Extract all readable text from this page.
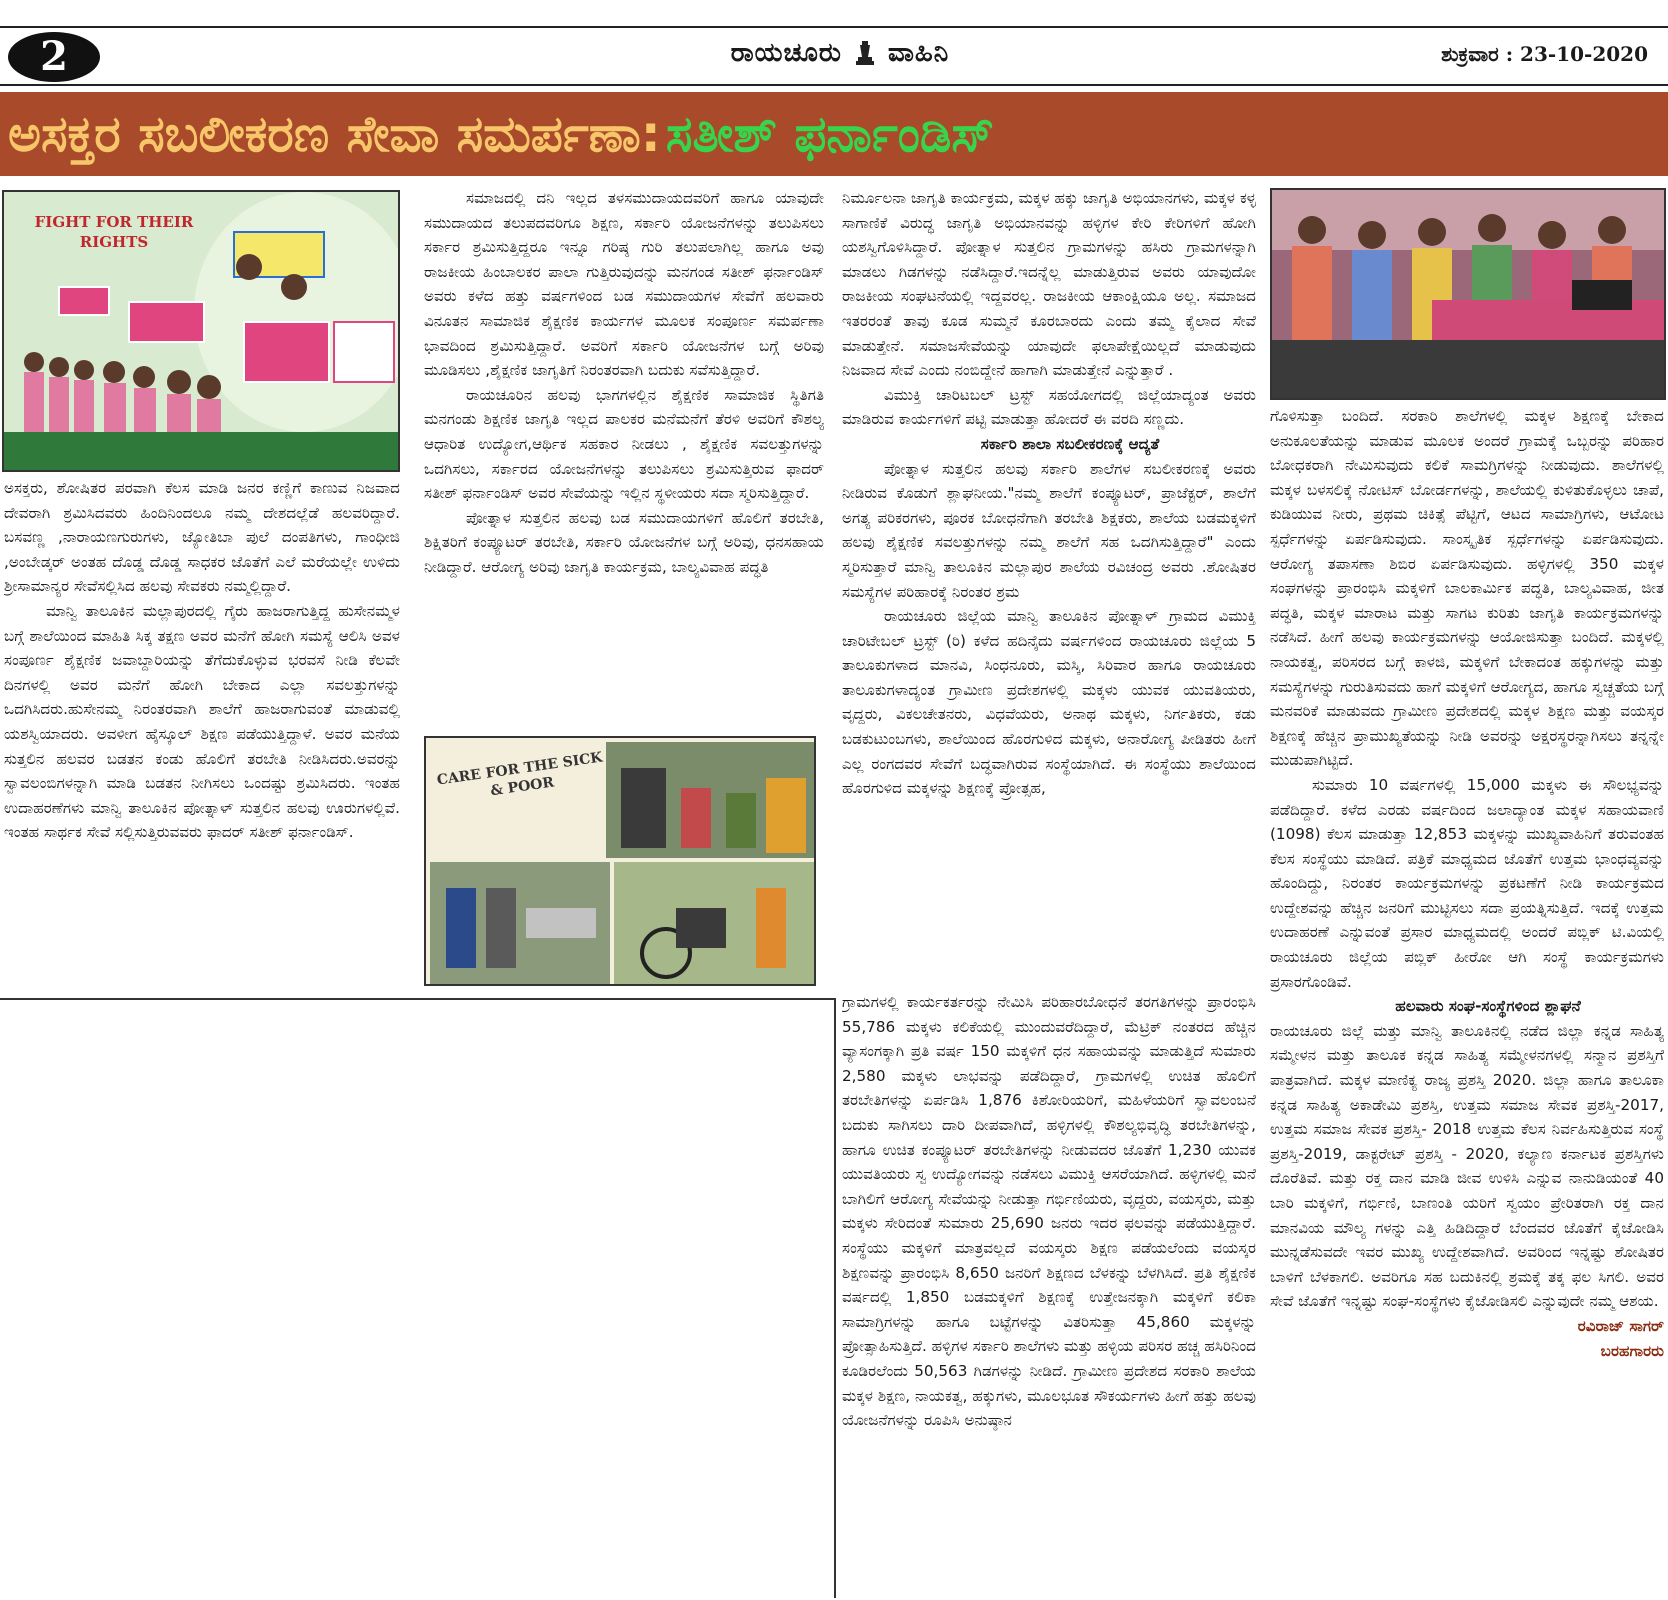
2	ರಾಯಚೂರು ವಾಹಿನಿ	ಶುಕ್ರವಾರ : 23-10-2020
ಅಸಕ್ತರ ಸಬಲೀಕರಣ ಸೇವಾ ಸಮರ್ಪಣಾ: ಸತೀಶ್ ಫರ್ನಾಂಡಿಸ್
FIGHT FOR THEIR RIGHTS
CARE FOR THE SICK & POOR

ಅಸಕ್ತರು, ಶೋಷಿತರ ಪರವಾಗಿ ಕೆಲಸ ಮಾಡಿ ಜನರ ಕಣ್ಣಿಗೆ ಕಾಣುವ ನಿಜವಾದ ದೇವರಾಗಿ ಶ್ರಮಿಸಿದವರು ಹಿಂದಿನಿಂದಲೂ ನಮ್ಮ ದೇಶದಲ್ಲೆಡೆ ಹಲವರಿದ್ದಾರೆ. ಬಸವಣ್ಣ ,ನಾರಾಯಣಗುರುಗಳು, ಜ್ಯೋತಿಬಾ ಪುಲೆ ದಂಪತಿಗಳು, ಗಾಂಧೀಜಿ ,ಅಂಬೇಡ್ಕರ್ ಅಂತಹ ದೊಡ್ಡ ದೊಡ್ಡ ಸಾಧಕರ ಜೊತೆಗೆ ಎಲೆ ಮರೆಯಲ್ಲೇ ಉಳಿದು ಶ್ರೀಸಾಮಾನ್ಯರ ಸೇವೆಸಲ್ಲಿಸಿದ ಹಲವು ಸೇವಕರು ನಮ್ಮಲ್ಲಿದ್ದಾರೆ.

ಮಾನ್ವಿ ತಾಲೂಕಿನ ಮಲ್ಲಾಪುರದಲ್ಲಿ ಗೈರು ಹಾಜರಾಗುತ್ತಿದ್ದ ಹುಸೇನಮ್ಮಳ ಬಗ್ಗೆ ಶಾಲೆಯಿಂದ ಮಾಹಿತಿ ಸಿಕ್ಕ ತಕ್ಷಣ ಅವರ ಮನೆಗೆ ಹೋಗಿ ಸಮಸ್ಯೆ ಆಲಿಸಿ ಅವಳ ಸಂಪೂರ್ಣ ಶೈಕ್ಷಣಿಕ ಜವಾಬ್ದಾರಿಯನ್ನು ತೆಗೆದುಕೊಳ್ಳುವ ಭರವಸೆ ನೀಡಿ ಕೆಲವೇ ದಿನಗಳಲ್ಲಿ ಅವರ ಮನೆಗೆ ಹೋಗಿ ಬೇಕಾದ ಎಲ್ಲಾ ಸವಲತ್ತುಗಳನ್ನು ಒದಗಿಸಿದರು.ಹುಸೇನಮ್ಮ ನಿರಂತರವಾಗಿ ಶಾಲೆಗೆ ಹಾಜರಾಗುವಂತೆ ಮಾಡುವಲ್ಲಿ ಯಶಸ್ವಿಯಾದರು. ಅವಳೀಗ ಹೈಸ್ಕೂಲ್ ಶಿಕ್ಷಣ ಪಡೆಯುತ್ತಿದ್ದಾಳೆ. ಅವರ ಮನೆಯ ಸುತ್ತಲಿನ ಹಲವರ ಬಡತನ ಕಂಡು ಹೊಲಿಗೆ ತರಬೇತಿ ನೀಡಿಸಿದರು.ಅವರನ್ನು ಸ್ವಾವಲಂಬಿಗಳನ್ನಾಗಿ ಮಾಡಿ ಬಡತನ ನೀಗಿಸಲು ಒಂದಷ್ಟು ಶ್ರಮಿಸಿದರು. ಇಂತಹ ಉದಾಹರಣೆಗಳು ಮಾನ್ವಿ ತಾಲೂಕಿನ ಪೋತ್ನಾಳ್ ಸುತ್ತಲಿನ ಹಲವು ಊರುಗಳಲ್ಲಿವೆ. ಇಂತಹ ಸಾರ್ಥಕ ಸೇವೆ ಸಲ್ಲಿಸುತ್ತಿರುವವರು ಫಾದರ್ ಸತೀಶ್ ಫರ್ನಾಂಡಿಸ್.

ಸಮಾಜದಲ್ಲಿ ದನಿ ಇಲ್ಲದ ತಳಸಮುದಾಯದವರಿಗೆ ಹಾಗೂ ಯಾವುದೇ ಸಮುದಾಯದ ತಲುಪದವರಿಗೂ ಶಿಕ್ಷಣ, ಸರ್ಕಾರಿ ಯೋಜನೆಗಳನ್ನು ತಲುಪಿಸಲು ಸರ್ಕಾರ ಶ್ರಮಿಸುತ್ತಿದ್ದರೂ ಇನ್ನೂ ಗರಿಷ್ಠ ಗುರಿ ತಲುಪಲಾಗಿಲ್ಲ ಹಾಗೂ ಅವು ರಾಜಕೀಯ ಹಿಂಬಾಲಕರ ಪಾಲಾ ಗುತ್ತಿರುವುದನ್ನು ಮನಗಂಡ ಸತೀಶ್ ಫರ್ನಾಂಡಿಸ್ ಅವರು ಕಳೆದ ಹತ್ತು ವರ್ಷಗಳಿಂದ ಬಡ ಸಮುದಾಯಗಳ ಸೇವೆಗೆ ಹಲವಾರು ವಿನೂತನ ಸಾಮಾಜಿಕ ಶೈಕ್ಷಣಿಕ ಕಾರ್ಯಗಳ ಮೂಲಕ ಸಂಪೂರ್ಣ ಸಮರ್ಪಣಾ ಭಾವದಿಂದ ಶ್ರಮಿಸುತ್ತಿದ್ದಾರೆ. ಅವರಿಗೆ ಸರ್ಕಾರಿ ಯೋಜನೆಗಳ ಬಗ್ಗೆ ಅರಿವು ಮೂಡಿಸಲು ,ಶೈಕ್ಷಣಿಕ ಜಾಗೃತಿಗೆ ನಿರಂತರವಾಗಿ ಬದುಕು ಸವೆಸುತ್ತಿದ್ದಾರೆ.

ರಾಯಚೂರಿನ ಹಲವು ಭಾಗಗಳಲ್ಲಿನ ಶೈಕ್ಷಣಿಕ ಸಾಮಾಜಿಕ ಸ್ಥಿತಿಗತಿ ಮನಗಂಡು ಶಿಕ್ಷಣಿಕ ಜಾಗೃತಿ ಇಲ್ಲದ ಪಾಲಕರ ಮನೆಮನೆಗೆ ತೆರಳಿ ಅವರಿಗೆ ಕೌಶಲ್ಯ ಆಧಾರಿತ ಉದ್ಯೋಗ,ಆರ್ಥಿಕ ಸಹಕಾರ ನೀಡಲು , ಶೈಕ್ಷಣಿಕ ಸವಲತ್ತುಗಳನ್ನು ಒದಗಿಸಲು, ಸರ್ಕಾರದ ಯೋಜನೆಗಳನ್ನು ತಲುಪಿಸಲು ಶ್ರಮಿಸುತ್ತಿರುವ ಫಾದರ್ ಸತೀಶ್ ಫರ್ನಾಂಡಿಸ್ ಅವರ ಸೇವೆಯನ್ನು ಇಲ್ಲಿನ ಸ್ಥಳೀಯರು ಸದಾ ಸ್ಮರಿಸುತ್ತಿದ್ದಾರೆ.

ಪೋತ್ನಾಳ ಸುತ್ತಲಿನ ಹಲವು ಬಡ ಸಮುದಾಯಗಳಿಗೆ ಹೊಲಿಗೆ ತರಬೇತಿ, ಶಿಕ್ಷಿತರಿಗೆ ಕಂಪ್ಯೂಟರ್ ತರಬೇತಿ, ಸರ್ಕಾರಿ ಯೋಜನೆಗಳ ಬಗ್ಗೆ ಅರಿವು, ಧನಸಹಾಯ ನೀಡಿದ್ದಾರೆ. ಆರೋಗ್ಯ ಅರಿವು ಜಾಗೃತಿ ಕಾರ್ಯಕ್ರಮ, ಬಾಲ್ಯವಿವಾಹ ಪದ್ಧತಿ

ನಿರ್ಮೂಲನಾ ಜಾಗೃತಿ ಕಾರ್ಯಕ್ರಮ, ಮಕ್ಕಳ ಹಕ್ಕು ಜಾಗೃತಿ ಅಭಿಯಾನಗಳು, ಮಕ್ಕಳ ಕಳ್ಳ ಸಾಗಾಣಿಕೆ ವಿರುದ್ಧ ಜಾಗೃತಿ ಅಭಿಯಾನವನ್ನು ಹಳ್ಳಿಗಳ ಕೇರಿ ಕೇರಿಗಳಿಗೆ ಹೋಗಿ ಯಶಸ್ವಿಗೊಳಿಸಿದ್ದಾರೆ. ಪೋತ್ನಾಳ ಸುತ್ತಲಿನ ಗ್ರಾಮಗಳನ್ನು ಹಸಿರು ಗ್ರಾಮಗಳನ್ನಾಗಿ ಮಾಡಲು ಗಿಡಗಳನ್ನು ನಡೆಸಿದ್ದಾರೆ.ಇದನ್ನೆಲ್ಲ ಮಾಡುತ್ತಿರುವ ಅವರು ಯಾವುದೋ ರಾಜಕೀಯ ಸಂಘಟನೆಯಲ್ಲಿ ಇದ್ದವರಲ್ಲ. ರಾಜಕೀಯ ಆಕಾಂಕ್ಷಿಯೂ ಅಲ್ಲ. ಸಮಾಜದ ಇತರರಂತೆ ತಾವು ಕೂಡ ಸುಮ್ಮನೆ ಕೂರಬಾರದು ಎಂದು ತಮ್ಮ ಕೈಲಾದ ಸೇವೆ ಮಾಡುತ್ತೇನೆ. ಸಮಾಜಸೇವೆಯನ್ನು ಯಾವುದೇ ಫಲಾಪೇಕ್ಷೆಯಿಲ್ಲದೆ ಮಾಡುವುದು ನಿಜವಾದ ಸೇವೆ ಎಂದು ನಂಬಿದ್ದೇನೆ ಹಾಗಾಗಿ ಮಾಡುತ್ತೇನೆ ಎನ್ನುತ್ತಾರೆ .

ವಿಮುಕ್ತಿ ಚಾರಿಟಬಲ್ ಟ್ರಸ್ಟ್ ಸಹಯೋಗದಲ್ಲಿ ಜಿಲ್ಲೆಯಾದ್ಯಂತ ಅವರು ಮಾಡಿರುವ ಕಾರ್ಯಗಳಿಗೆ ಪಟ್ಟಿ ಮಾಡುತ್ತಾ ಹೋದರೆ ಈ ವರದಿ ಸಣ್ಣದು.

ಸರ್ಕಾರಿ ಶಾಲಾ ಸಬಲೀಕರಣಕ್ಕೆ ಆದ್ಯತೆ

ಪೋತ್ನಾಳ ಸುತ್ತಲಿನ ಹಲವು ಸರ್ಕಾರಿ ಶಾಲೆಗಳ ಸಬಲೀಕರಣಕ್ಕೆ ಅವರು ನೀಡಿರುವ ಕೊಡುಗೆ ಶ್ಲಾಘನೀಯ."ನಮ್ಮ ಶಾಲೆಗೆ ಕಂಪ್ಯೂಟರ್, ಪ್ರಾಜೆಕ್ಟರ್, ಶಾಲೆಗೆ ಅಗತ್ಯ ಪರಿಕರಗಳು, ಪೂರಕ ಬೋಧನೆಗಾಗಿ ತರಬೇತಿ ಶಿಕ್ಷಕರು, ಶಾಲೆಯ ಬಡಮಕ್ಕಳಿಗೆ ಹಲವು ಶೈಕ್ಷಣಿಕ ಸವಲತ್ತುಗಳನ್ನು ನಮ್ಮ ಶಾಲೆಗೆ ಸಹ ಒದಗಿಸುತ್ತಿದ್ದಾರೆ" ಎಂದು ಸ್ಮರಿಸುತ್ತಾರೆ ಮಾನ್ವಿ ತಾಲೂಕಿನ ಮಲ್ಲಾಪುರ ಶಾಲೆಯ ರವಿಚಂದ್ರ ಅವರು .ಶೋಷಿತರ ಸಮಸ್ಯೆಗಳ ಪರಿಹಾರಕ್ಕೆ ನಿರಂತರ ಶ್ರಮ

ರಾಯಚೂರು ಜಿಲ್ಲೆಯ ಮಾನ್ವಿ ತಾಲೂಕಿನ ಪೋತ್ನಾಳ್ ಗ್ರಾಮದ ವಿಮುಕ್ತಿ ಚಾರಿಟೇಬಲ್ ಟ್ರಸ್ಟ್ (ರಿ) ಕಳೆದ ಹದಿನೈದು ವರ್ಷಗಳಿಂದ ರಾಯಚೂರು ಜಿಲ್ಲೆಯ 5 ತಾಲೂಕುಗಳಾದ ಮಾನವಿ, ಸಿಂಧನೂರು, ಮಸ್ಕಿ, ಸಿರಿವಾರ ಹಾಗೂ ರಾಯಚೂರು ತಾಲೂಕುಗಳಾದ್ಯಂತ ಗ್ರಾಮೀಣ ಪ್ರದೇಶಗಳಲ್ಲಿ ಮಕ್ಕಳು ಯುವಕ ಯುವತಿಯರು, ವೃದ್ದರು, ವಿಕಲಚೇತನರು, ವಿಧವೆಯರು, ಅನಾಥ ಮಕ್ಕಳು, ನಿರ್ಗತಿಕರು, ಕಡು ಬಡಕುಟುಂಬಗಳು, ಶಾಲೆಯಿಂದ ಹೊರಗುಳಿದ ಮಕ್ಕಳು, ಅನಾರೋಗ್ಯ ಪೀಡಿತರು ಹೀಗೆ ಎಲ್ಲ ರಂಗದವರ ಸೇವೆಗೆ ಬದ್ಧವಾಗಿರುವ ಸಂಸ್ಥೆಯಾಗಿದೆ. ಈ ಸಂಸ್ಥೆಯು ಶಾಲೆಯಿಂದ ಹೊರಗುಳಿದ ಮಕ್ಕಳನ್ನು ಶಿಕ್ಷಣಕ್ಕೆ ಪ್ರೋತ್ಸಹ,

ಗ್ರಾಮಗಳಲ್ಲಿ ಕಾರ್ಯಕರ್ತರನ್ನು ನೇಮಿಸಿ ಪರಿಹಾರಬೋಧನೆ ತರಗತಿಗಳನ್ನು ಪ್ರಾರಂಭಿಸಿ 55,786 ಮಕ್ಕಳು ಕಲಿಕೆಯಲ್ಲಿ ಮುಂದುವರೆದಿದ್ದಾರೆ, ಮೆಟ್ರಿಕ್ ನಂತರದ ಹೆಚ್ಚಿನ ವ್ಯಾಸಂಗಕ್ಕಾಗಿ ಪ್ರತಿ ವರ್ಷ 150 ಮಕ್ಕಳಿಗೆ ಧನ ಸಹಾಯವನ್ನು ಮಾಡುತ್ತಿದೆ ಸುಮಾರು 2,580 ಮಕ್ಕಳು ಲಾಭವನ್ನು ಪಡೆದಿದ್ದಾರೆ, ಗ್ರಾಮಗಳಲ್ಲಿ ಉಚಿತ ಹೊಲಿಗೆ ತರಬೇತಿಗಳನ್ನು ಏರ್ಪಡಿಸಿ 1,876 ಕಿಶೋರಿಯರಿಗೆ, ಮಹಿಳೆಯರಿಗೆ ಸ್ವಾವಲಂಬನೆ ಬದುಕು ಸಾಗಿಸಲು ದಾರಿ ದೀಪವಾಗಿದೆ, ಹಳ್ಳಿಗಳಲ್ಲಿ ಕೌಶಲ್ಯಭಿವೃದ್ಧಿ ತರಬೇತಿಗಳನ್ನು, ಹಾಗೂ ಉಚಿತ ಕಂಪ್ಯೂಟರ್ ತರಬೇತಿಗಳನ್ನು ನೀಡುವದರ ಜೊತೆಗೆ 1,230 ಯುವಕ ಯುವತಿಯರು ಸ್ವ ಉದ್ಯೋಗವನ್ನು ನಡೆಸಲು ವಿಮುಕ್ತಿ ಆಸರೆಯಾಗಿದೆ. ಹಳ್ಳಿಗಳಲ್ಲಿ ಮನೆ ಬಾಗಿಲಿಗೆ ಆರೋಗ್ಯ ಸೇವೆಯನ್ನು ನೀಡುತ್ತಾ ಗರ್ಭಿಣಿಯರು, ವೃದ್ದರು, ವಯಸ್ಕರು, ಮತ್ತು ಮಕ್ಕಳು ಸೇರಿದಂತೆ ಸುಮಾರು 25,690 ಜನರು ಇದರ ಫಲವನ್ನು ಪಡೆಯುತ್ತಿದ್ದಾರೆ. ಸಂಸ್ಥೆಯು ಮಕ್ಕಳಿಗೆ ಮಾತ್ರವಲ್ಲದೆ ವಯಸ್ಕರು ಶಿಕ್ಷಣ ಪಡೆಯಲೆಂದು ವಯಸ್ಕರ ಶಿಕ್ಷಣವನ್ನು ಪ್ರಾರಂಭಿಸಿ 8,650 ಜನರಿಗೆ ಶಿಕ್ಷಣದ ಬೆಳಕನ್ನು ಬೆಳಗಿಸಿದೆ. ಪ್ರತಿ ಶೈಕ್ಷಣಿಕ ವರ್ಷದಲ್ಲಿ 1,850 ಬಡಮಕ್ಕಳಿಗೆ ಶಿಕ್ಷಣಕ್ಕೆ ಉತ್ತೇಜನಕ್ಕಾಗಿ ಮಕ್ಕಳಿಗೆ ಕಲಿಕಾ ಸಾಮಾಗ್ರಿಗಳನ್ನು ಹಾಗೂ ಬಟ್ಟೆಗಳನ್ನು ವಿತರಿಸುತ್ತಾ 45,860 ಮಕ್ಕಳನ್ನು ಪ್ರೋತ್ಸಾಹಿಸುತ್ತಿದೆ. ಹಳ್ಳಿಗಳ ಸರ್ಕಾರಿ ಶಾಲೆಗಳು ಮತ್ತು ಹಳ್ಳಿಯ ಪರಿಸರ ಹಚ್ಚ ಹಸಿರಿನಿಂದ ಕೂಡಿರಲೆಂದು 50,563 ಗಿಡಗಳನ್ನು ನೀಡಿದೆ. ಗ್ರಾಮೀಣ ಪ್ರದೇಶದ ಸರಕಾರಿ ಶಾಲೆಯ ಮಕ್ಕಳ ಶಿಕ್ಷಣ, ನಾಯಕತ್ವ, ಹಕ್ಕುಗಳು, ಮೂಲಭೂತ ಸೌಕರ್ಯಗಳು ಹೀಗೆ ಹತ್ತು ಹಲವು ಯೋಜನೆಗಳನ್ನು ರೂಪಿಸಿ ಅನುಷ್ಠಾನ

ಗೊಳಿಸುತ್ತಾ ಬಂದಿದೆ. ಸರಕಾರಿ ಶಾಲೆಗಳಲ್ಲಿ ಮಕ್ಕಳ ಶಿಕ್ಷಣಕ್ಕೆ ಬೇಕಾದ ಅನುಕೂಲತೆಯನ್ನು ಮಾಡುವ ಮೂಲಕ ಅಂದರೆ ಗ್ರಾಮಕ್ಕೆ ಒಬ್ಬರನ್ನು ಪರಿಹಾರ ಬೋಧಕರಾಗಿ ನೇಮಿಸುವುದು ಕಲಿಕೆ ಸಾಮಗ್ರಿಗಳನ್ನು ನೀಡುವುದು. ಶಾಲೆಗಳಲ್ಲಿ ಮಕ್ಕಳ ಬಳಸಲಿಕ್ಕೆ ನೋಟಿಸ್ ಬೋರ್ಡಗಳನ್ನು, ಶಾಲೆಯಲ್ಲಿ ಕುಳಿತುಕೊಳ್ಳಲು ಚಾಪೆ, ಕುಡಿಯುವ ನೀರು, ಪ್ರಥಮ ಚಿಕಿತ್ಸೆ ಪೆಟ್ಟಿಗೆ, ಆಟದ ಸಾಮಾಗ್ರಿಗಳು, ಆಟೋಟ ಸ್ಪರ್ಧೆಗಳನ್ನು ಏರ್ಪಡಿಸುವುದು. ಸಾಂಸ್ಕೃತಿಕ ಸ್ಪರ್ಧೆಗಳನ್ನು ಏರ್ಪಡಿಸುವುದು. ಆರೋಗ್ಯ ತಪಾಸಣಾ ಶಿಬಿರ ಏರ್ಪಡಿಸುವುದು. ಹಳ್ಳಿಗಳಲ್ಲಿ 350 ಮಕ್ಕಳ ಸಂಘಗಳನ್ನು ಪ್ರಾರಂಭಿಸಿ ಮಕ್ಕಳಿಗೆ ಬಾಲಕಾರ್ಮಿಕ ಪದ್ಧತಿ, ಬಾಲ್ಯವಿವಾಹ, ಜೀತ ಪದ್ಧತಿ, ಮಕ್ಕಳ ಮಾರಾಟ ಮತ್ತು ಸಾಗಟ ಕುರಿತು ಜಾಗೃತಿ ಕಾರ್ಯಕ್ರಮಗಳನ್ನು ನಡೆಸಿದೆ. ಹೀಗೆ ಹಲವು ಕಾರ್ಯಕ್ರಮಗಳನ್ನು ಆಯೋಜಿಸುತ್ತಾ ಬಂದಿದೆ. ಮಕ್ಕಳಲ್ಲಿ ನಾಯಕತ್ವ, ಪರಿಸರದ ಬಗ್ಗೆ ಕಾಳಜಿ, ಮಕ್ಕಳಿಗೆ ಬೇಕಾದಂತ ಹಕ್ಕುಗಳನ್ನು ಮತ್ತು ಸಮಸ್ಯೆಗಳನ್ನು ಗುರುತಿಸುವದು ಹಾಗೆ ಮಕ್ಕಳಿಗೆ ಆರೋಗ್ಯದ, ಹಾಗೂ ಸ್ವಚ್ಚತೆಯ ಬಗ್ಗೆ ಮನವರಿಕೆ ಮಾಡುವದು ಗ್ರಾಮೀಣ ಪ್ರದೇಶದಲ್ಲಿ ಮಕ್ಕಳ ಶಿಕ್ಷಣ ಮತ್ತು ವಯಸ್ಕರ ಶಿಕ್ಷಣಕ್ಕೆ ಹೆಚ್ಚಿನ ಪ್ರಾಮುಖ್ಯತೆಯನ್ನು ನೀಡಿ ಅವರನ್ನು ಅಕ್ಷರಸ್ಥರನ್ನಾಗಿಸಲು ತನ್ನನ್ನೇ ಮುಡುಪಾಗಿಟ್ಟಿದೆ.

ಸುಮಾರು 10 ವರ್ಷಗಳಲ್ಲಿ 15,000 ಮಕ್ಕಳು ಈ ಸೌಲಭ್ಯವನ್ನು ಪಡೆದಿದ್ದಾರೆ. ಕಳೆದ ಎರಡು ವರ್ಷದಿಂದ ಜಲಾದ್ಯಾಂತ ಮಕ್ಕಳ ಸಹಾಯವಾಣಿ (1098) ಕೆಲಸ ಮಾಡುತ್ತಾ 12,853 ಮಕ್ಕಳನ್ನು ಮುಖ್ಯವಾಹಿನಿಗೆ ತರುವಂತಹ ಕೆಲಸ ಸಂಸ್ಥೆಯು ಮಾಡಿದೆ. ಪತ್ರಿಕೆ ಮಾಧ್ಯಮದ ಜೊತೆಗೆ ಉತ್ತಮ ಭಾಂಧವ್ಯವನ್ನು ಹೊಂದಿದ್ದು, ನಿರಂತರ ಕಾರ್ಯಕ್ರಮಗಳನ್ನು ಪ್ರಕಟಣೆಗೆ ನೀಡಿ ಕಾರ್ಯಕ್ರಮದ ಉದ್ದೇಶವನ್ನು ಹೆಚ್ಚಿನ ಜನರಿಗೆ ಮುಟ್ಟಿಸಲು ಸದಾ ಪ್ರಯತ್ನಿಸುತ್ತಿದೆ. ಇದಕ್ಕೆ ಉತ್ತಮ ಉದಾಹರಣೆ ಎನ್ನುವಂತೆ ಪ್ರಸಾರ ಮಾಧ್ಯಮದಲ್ಲಿ ಅಂದರೆ ಪಬ್ಲಿಕ್ ಟಿ.ವಿಯಲ್ಲಿ ರಾಯಚೂರು ಜಿಲ್ಲೆಯ ಪಬ್ಲಿಕ್ ಹೀರೋ ಆಗಿ ಸಂಸ್ಥೆ ಕಾರ್ಯಕ್ರಮಗಳು ಪ್ರಸಾರಗೊಂಡಿವೆ.

ಹಲವಾರು ಸಂಘ-ಸಂಸ್ಥೆಗಳಿಂದ ಶ್ಲಾಘನೆ

ರಾಯಚೂರು ಜಿಲ್ಲೆ ಮತ್ತು ಮಾನ್ವಿ ತಾಲೂಕಿನಲ್ಲಿ ನಡೆದ ಜಿಲ್ಲಾ ಕನ್ನಡ ಸಾಹಿತ್ಯ ಸಮ್ಮೇಳನ ಮತ್ತು ತಾಲೂಕ ಕನ್ನಡ ಸಾಹಿತ್ಯ ಸಮ್ಮೇಳನಗಳಲ್ಲಿ ಸನ್ಮಾನ ಪ್ರಶಸ್ತಿಗೆ ಪಾತ್ರವಾಗಿದೆ. ಮಕ್ಕಳ ಮಾಣಿಕ್ಯ ರಾಜ್ಯ ಪ್ರಶಸ್ತಿ 2020. ಜಿಲ್ಲಾ ಹಾಗೂ ತಾಲೂಕಾ ಕನ್ನಡ ಸಾಹಿತ್ಯ ಅಕಾಡೇಮಿ ಪ್ರಶಸ್ತಿ, ಉತ್ತಮ ಸಮಾಜ ಸೇವಕ ಪ್ರಶಸ್ತಿ-2017, ಉತ್ತಮ ಸಮಾಜ ಸೇವಕ ಪ್ರಶಸ್ತಿ- 2018 ಉತ್ತಮ ಕೆಲಸ ನಿರ್ವಹಿಸುತ್ತಿರುವ ಸಂಸ್ಥೆ ಪ್ರಶಸ್ತಿ-2019, ಡಾಕ್ಟರೇಟ್ ಪ್ರಶಸ್ತಿ - 2020, ಕಲ್ಯಾಣ ಕರ್ನಾಟಕ ಪ್ರಶಸ್ತಿಗಳು ದೊರೆತಿವೆ. ಮತ್ತು ರಕ್ತ ದಾನ ಮಾಡಿ ಜೀವ ಉಳಿಸಿ ಎನ್ನುವ ನಾನುಡಿಯಂತೆ 40 ಬಾರಿ ಮಕ್ಕಳಿಗೆ, ಗರ್ಭಿಣಿ, ಬಾಣಂತಿ ಯರಿಗೆ ಸ್ವಯಂ ಪ್ರೇರಿತರಾಗಿ ರಕ್ತ ದಾನ ಮಾನವಿಯ ಮೌಲ್ಯ ಗಳನ್ನು ಎತ್ತಿ ಹಿಡಿದಿದ್ದಾರೆ ಬೆಂದವರ ಜೊತೆಗೆ ಕೈಜೋಡಿಸಿ ಮುನ್ನಡೆಸುವದೇ ಇವರ ಮುಖ್ಯ ಉದ್ದೇಶವಾಗಿದೆ. ಅವರಿಂದ ಇನ್ನಷ್ಟು ಶೋಷಿತರ ಬಾಳಿಗೆ ಬೆಳಕಾಗಲಿ. ಅವರಿಗೂ ಸಹ ಬದುಕಿನಲ್ಲಿ ಶ್ರಮಕ್ಕೆ ತಕ್ಕ ಫಲ ಸಿಗಲಿ. ಅವರ ಸೇವೆ ಜೊತೆಗೆ ಇನ್ನಷ್ಟು ಸಂಘ-ಸಂಸ್ಥೆಗಳು ಕೈಜೋಡಿಸಲಿ ಎನ್ನುವುದೇ ನಮ್ಮ ಆಶಯ.

ರವಿರಾಜ್ ಸಾಗರ್

ಬರಹಗಾರರು
